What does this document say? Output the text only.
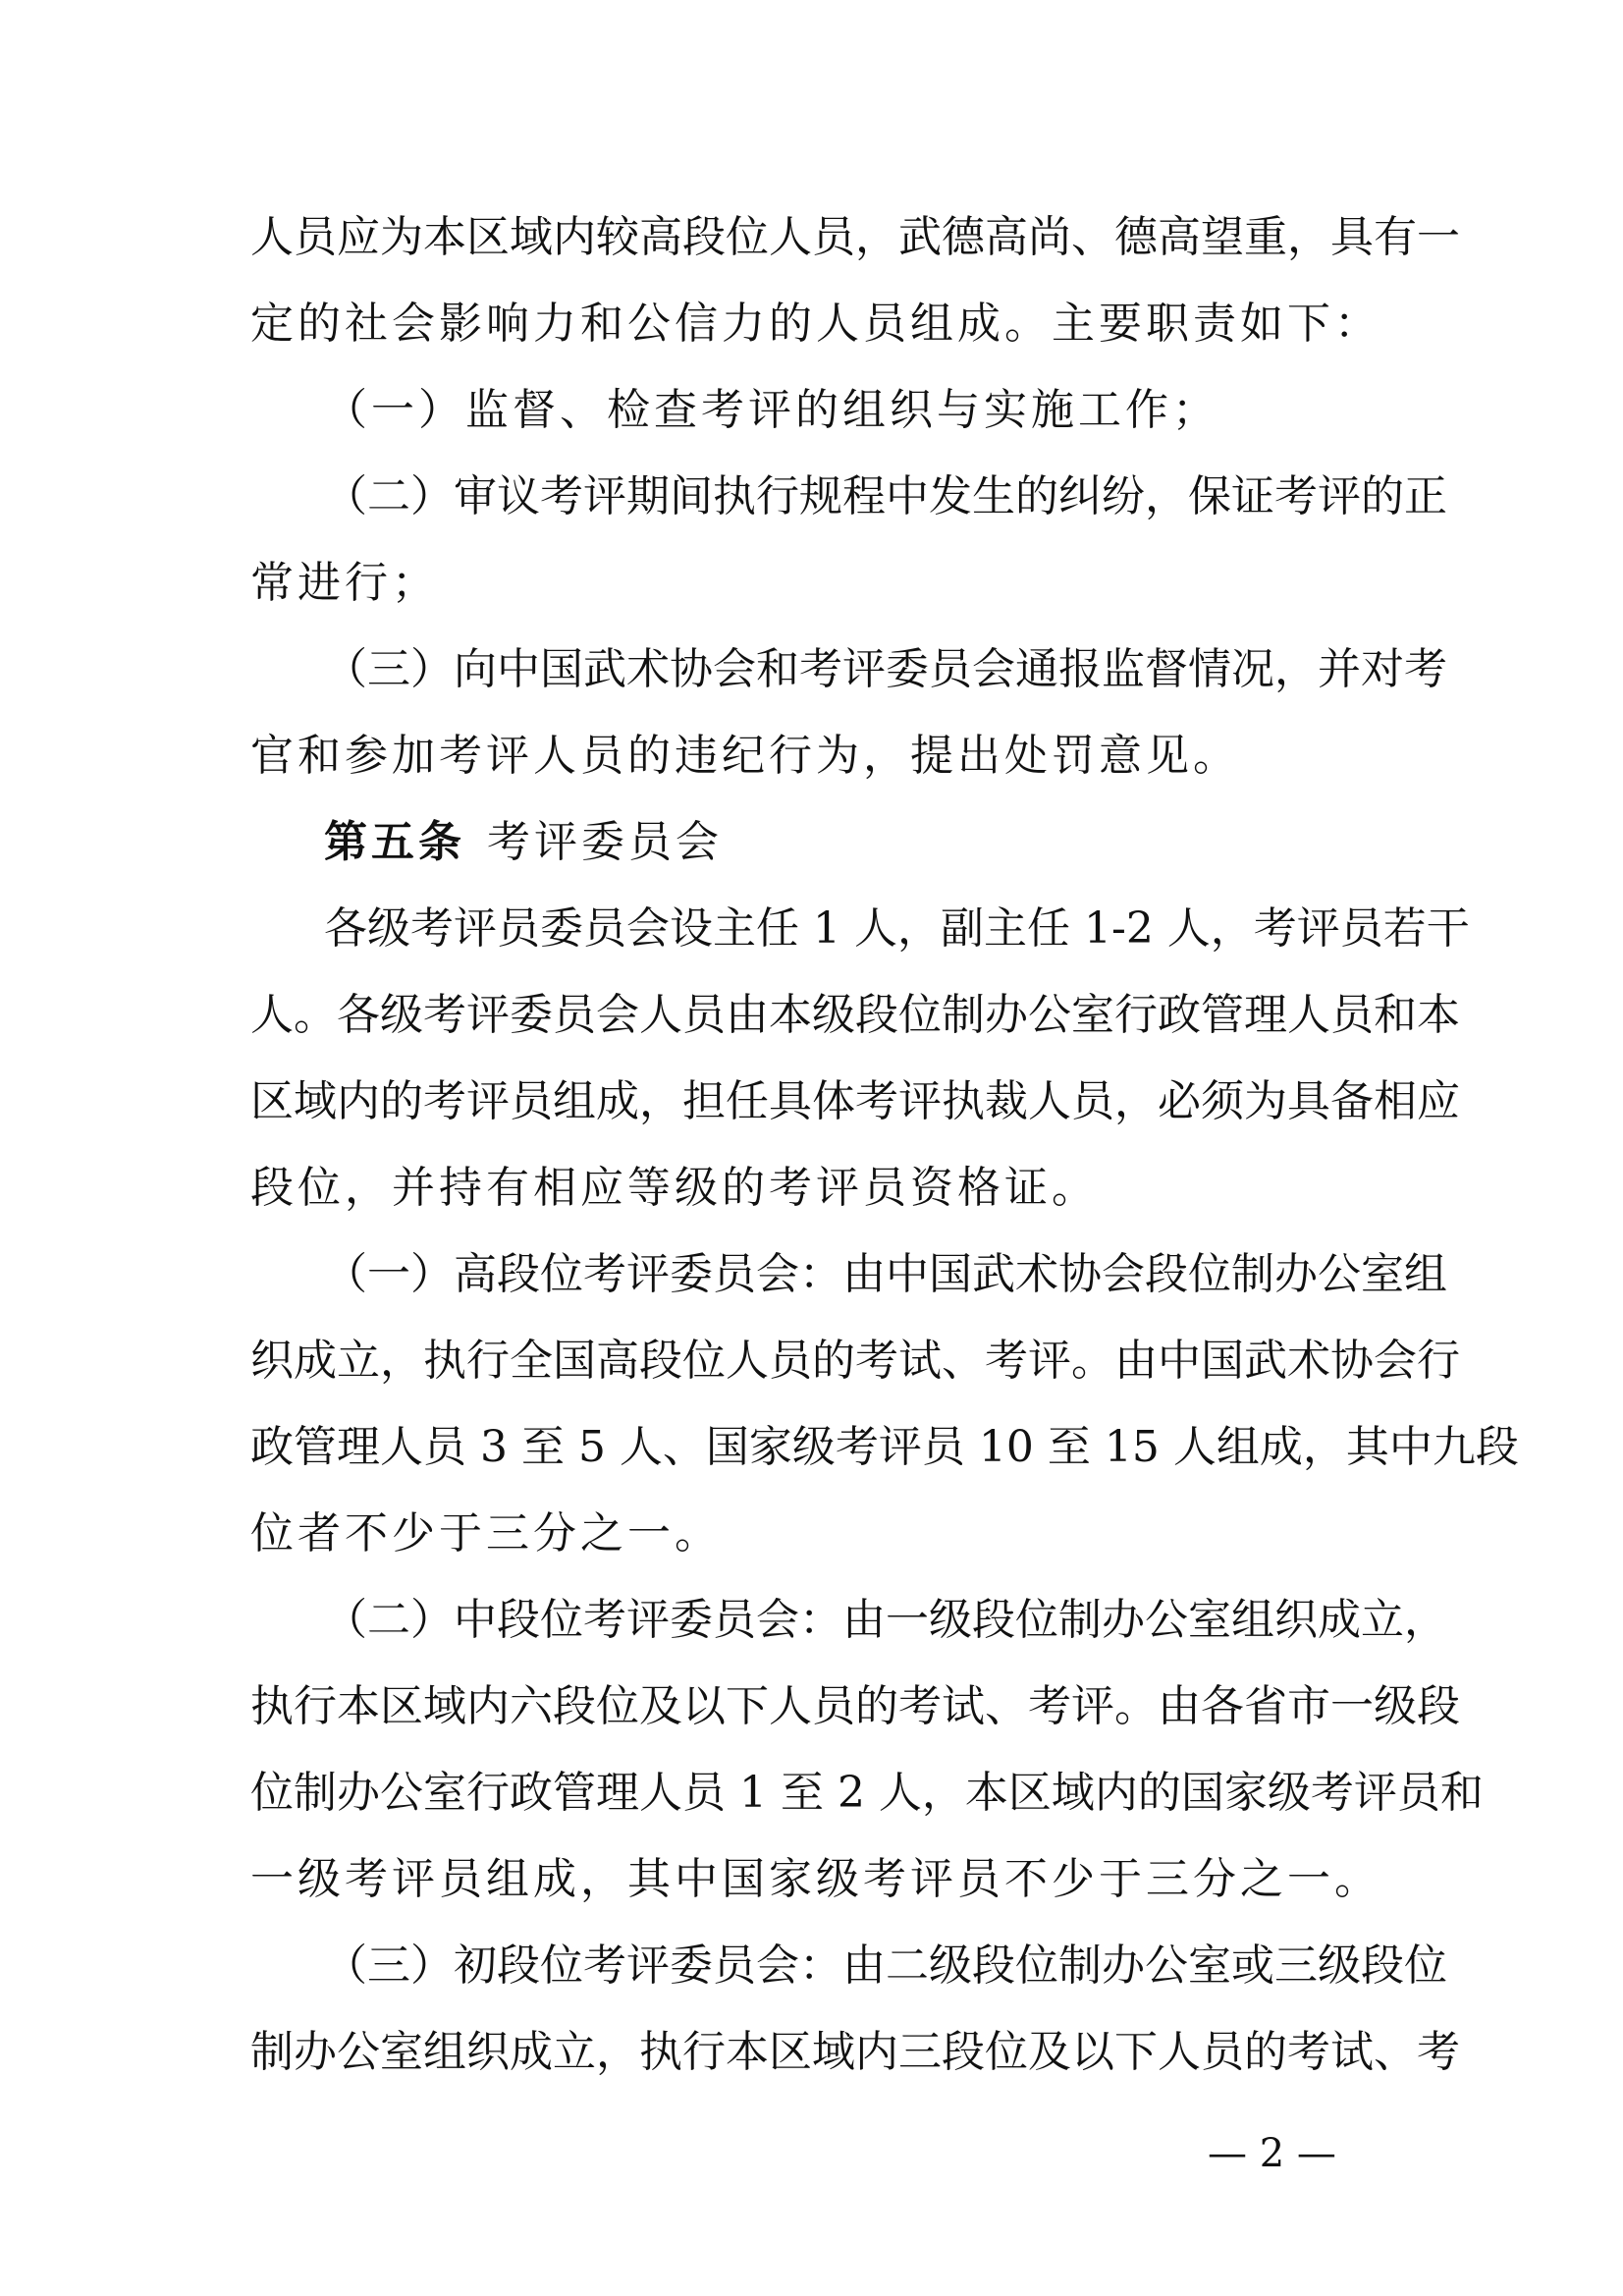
人员应为本区域内较高段位人员，武德高尚、德高望重，具有一
定的社会影响力和公信力的人员组成。主要职责如下：
（一）监督、检查考评的组织与实施工作；
（二）审议考评期间执行规程中发生的纠纷，保证考评的正
常进行；
（三）向中国武术协会和考评委员会通报监督情况，并对考
官和参加考评人员的违纪行为，提出处罚意见。
第五条 考评委员会
各级考评员委员会设主任 1 人，副主任 1-2 人，考评员若干
人。各级考评委员会人员由本级段位制办公室行政管理人员和本
区域内的考评员组成，担任具体考评执裁人员，必须为具备相应
段位，并持有相应等级的考评员资格证。
（一）高段位考评委员会：由中国武术协会段位制办公室组
织成立，执行全国高段位人员的考试、考评。由中国武术协会行
政管理人员 3 至 5 人、国家级考评员 10 至 15 人组成，其中九段
位者不少于三分之一。
（二）中段位考评委员会：由一级段位制办公室组织成立，
执行本区域内六段位及以下人员的考试、考评。由各省市一级段
位制办公室行政管理人员 1 至 2 人，本区域内的国家级考评员和
一级考评员组成，其中国家级考评员不少于三分之一。
（三）初段位考评委员会：由二级段位制办公室或三级段位
制办公室组织成立，执行本区域内三段位及以下人员的考试、考
— 2 —
